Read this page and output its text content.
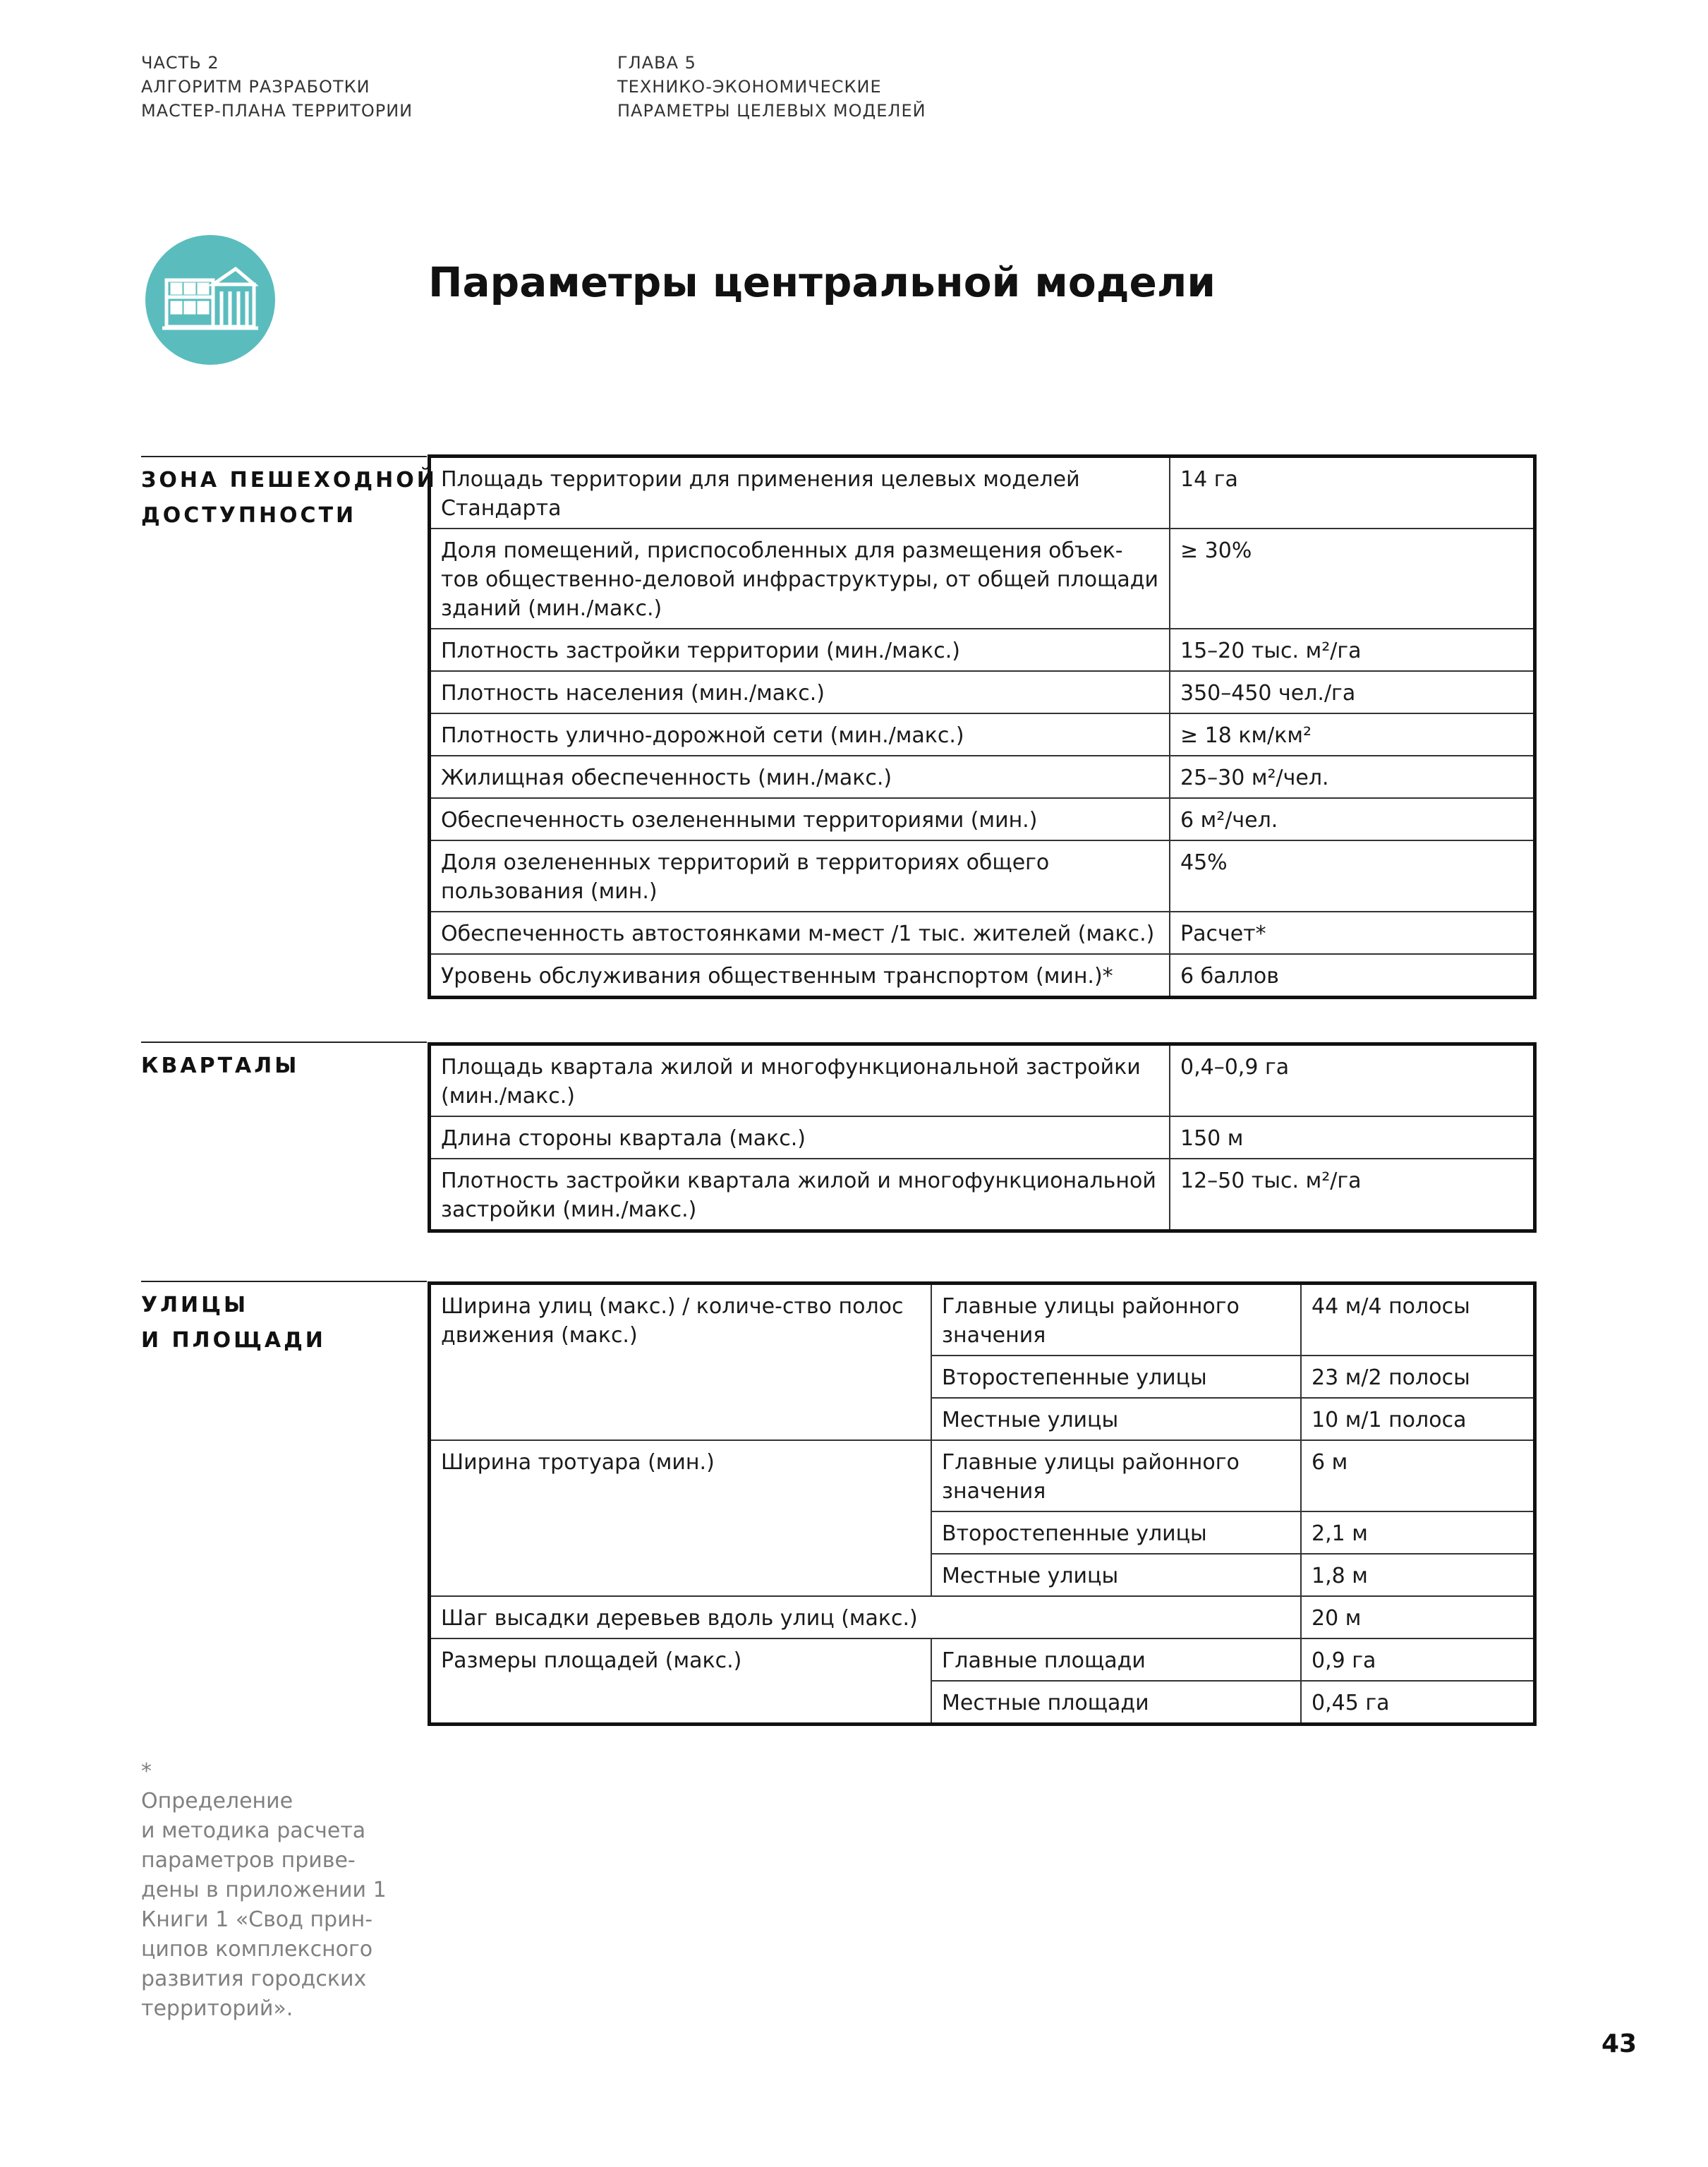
ЧАСТЬ 2
АЛГОРИТМ РАЗРАБОТКИ
МАСТЕР-ПЛАНА ТЕРРИТОРИИ
ГЛАВА 5
ТЕХНИКО-ЭКОНОМИЧЕСКИЕ
ПАРАМЕТРЫ ЦЕЛЕВЫХ МОДЕЛЕЙ
Параметры центральной модели
ЗОНА ПЕШЕХОДНОЙ
ДОСТУПНОСТИ
Площадь территории для применения целевых моделей Стандарта	14 га
Доля помещений, приспособленных для размещения объек-тов общественно-деловой инфраструктуры, от общей площади зданий (мин./макс.)	≥ 30%
Плотность застройки территории (мин./макс.)	15–20 тыс. м²/га
Плотность населения (мин./макс.)	350–450 чел./га
Плотность улично-дорожной сети (мин./макс.)	≥ 18 км/км²
Жилищная обеспеченность (мин./макс.)	25–30 м²/чел.
Обеспеченность озелененными территориями (мин.)	6 м²/чел.
Доля озелененных территорий в территориях общего пользования (мин.)	45%
Обеспеченность автостоянками м-мест /1 тыс. жителей (макс.)	Расчет*
Уровень обслуживания общественным транспортом (мин.)*	6 баллов
КВАРТАЛЫ	Площадь квартала жилой и многофункциональной застройки (мин./макс.)	0,4–0,9 га
Длина стороны квартала (макс.)	150 м
Плотность застройки квартала жилой и многофункциональной застройки (мин./макс.)	12–50 тыс. м²/га
УЛИЦЫ
И ПЛОЩАДИ
Ширина улиц (макс.) / количе-ство полос движения (макс.)	Главные улицы районного значения	44 м/4 полосы
	Второстепенные улицы	23 м/2 полосы
	Местные улицы	10 м/1 полоса
Ширина тротуара (мин.)	Главные улицы районного значения	6 м
	Второстепенные улицы	2,1 м
	Местные улицы	1,8 м
Шаг высадки деревьев вдоль улиц (макс.)		20 м
Размеры площадей (макс.)	Главные площади	0,9 га
	Местные площади	0,45 га
*
Определение
и методика расчета
параметров приве-
дены в приложении 1
Книги 1 «Свод прин-
ципов комплексного
развития городских
территорий».
43
